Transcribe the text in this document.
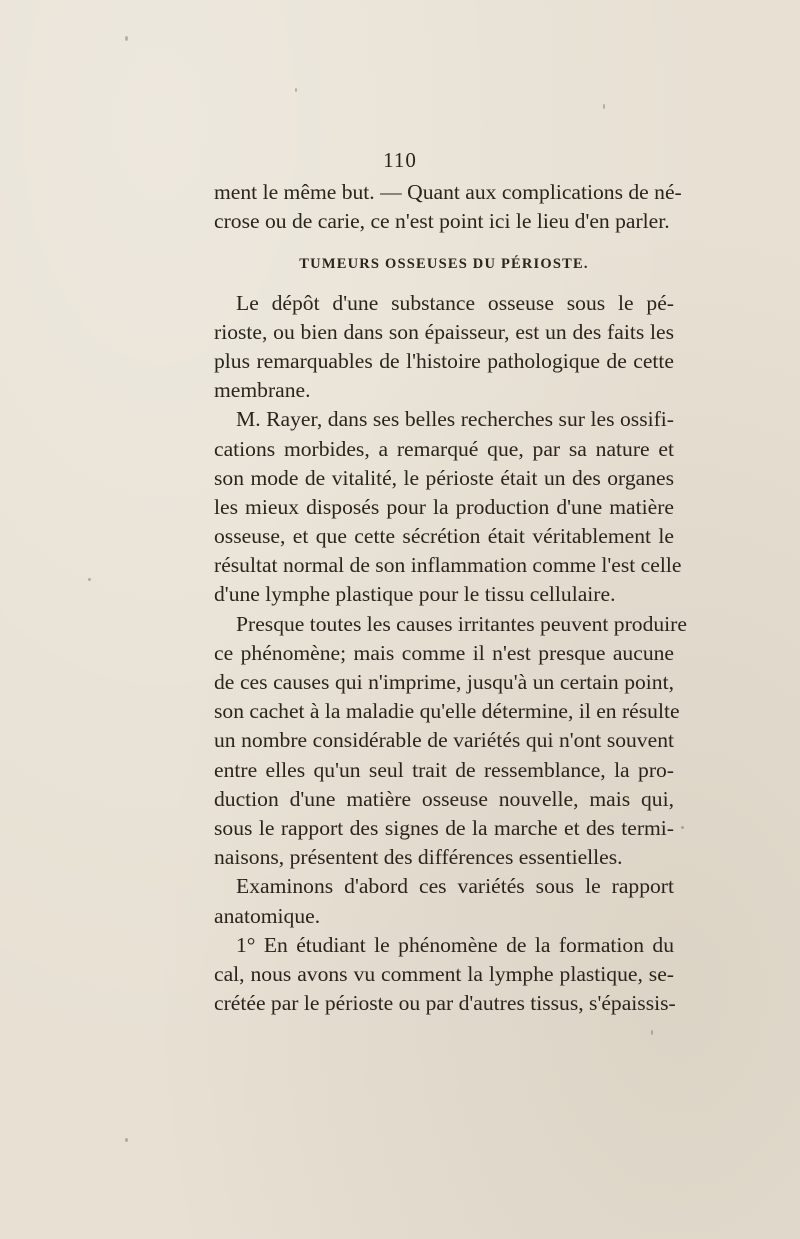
110
ment le même but. — Quant aux complications de né-
crose ou de carie, ce n'est point ici le lieu d'en parler.
TUMEURS OSSEUSES DU PÉRIOSTE.
Le dépôt d'une substance osseuse sous le pé-
rioste, ou bien dans son épaisseur, est un des faits les
plus remarquables de l'histoire pathologique de cette
membrane.
M. Rayer, dans ses belles recherches sur les ossifi-
cations morbides, a remarqué que, par sa nature et
son mode de vitalité, le périoste était un des organes
les mieux disposés pour la production d'une matière
osseuse, et que cette sécrétion était véritablement le
résultat normal de son inflammation comme l'est celle
d'une lymphe plastique pour le tissu cellulaire.
Presque toutes les causes irritantes peuvent produire
ce phénomène; mais comme il n'est presque aucune
de ces causes qui n'imprime, jusqu'à un certain point,
son cachet à la maladie qu'elle détermine, il en résulte
un nombre considérable de variétés qui n'ont souvent
entre elles qu'un seul trait de ressemblance, la pro-
duction d'une matière osseuse nouvelle, mais qui,
sous le rapport des signes de la marche et des termi-
naisons, présentent des différences essentielles.
Examinons d'abord ces variétés sous le rapport
anatomique.
1° En étudiant le phénomène de la formation du
cal, nous avons vu comment la lymphe plastique, se-
crétée par le périoste ou par d'autres tissus, s'épaissis-
